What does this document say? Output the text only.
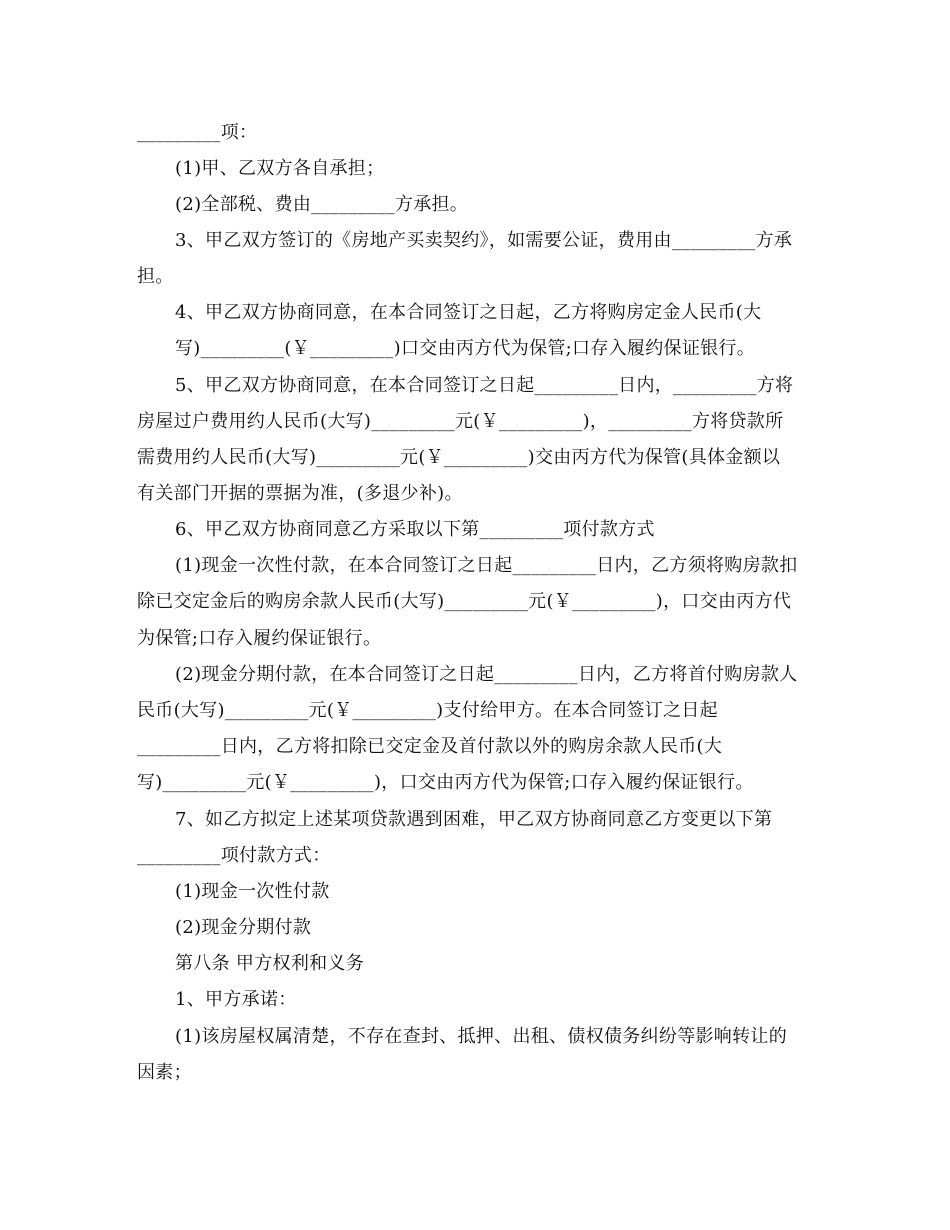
_________项：
(1)甲、乙双方各自承担；
(2)全部税、费由_________方承担。
3、甲乙双方签订的《房地产买卖契约》，如需要公证，费用由_________方承
担。
4、甲乙双方协商同意，在本合同签订之日起，乙方将购房定金人民币(大
写)_________(￥_________)口交由丙方代为保管;口存入履约保证银行。
5、甲乙双方协商同意，在本合同签订之日起_________日内，_________方将
房屋过户费用约人民币(大写)_________元(￥_________)，_________方将贷款所
需费用约人民币(大写)_________元(￥_________)交由丙方代为保管(具体金额以
有关部门开据的票据为准，(多退少补)。
6、甲乙双方协商同意乙方采取以下第_________项付款方式
(1)现金一次性付款，在本合同签订之日起_________日内，乙方须将购房款扣
除已交定金后的购房余款人民币(大写)_________元(￥_________)，口交由丙方代
为保管;口存入履约保证银行。
(2)现金分期付款，在本合同签订之日起_________日内，乙方将首付购房款人
民币(大写)_________元(￥_________)支付给甲方。在本合同签订之日起
_________日内，乙方将扣除已交定金及首付款以外的购房余款人民币(大
写)_________元(￥_________)，口交由丙方代为保管;口存入履约保证银行。
7、如乙方拟定上述某项贷款遇到困难，甲乙双方协商同意乙方变更以下第
_________项付款方式：
(1)现金一次性付款
(2)现金分期付款
第八条 甲方权利和义务
1、甲方承诺：
(1)该房屋权属清楚，不存在查封、抵押、出租、债权债务纠纷等影响转让的
因素；
